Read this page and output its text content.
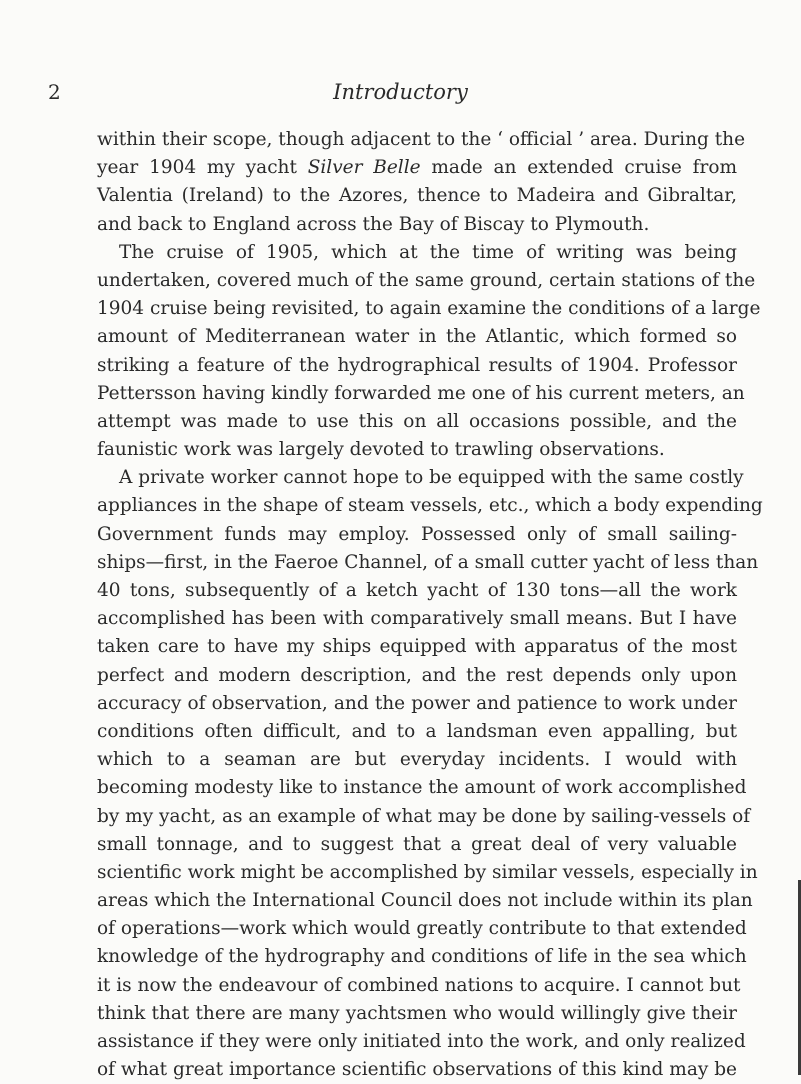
2	Introductory
within their scope, though adjacent to the ‘ official ’ area. During the
year 1904 my yacht Silver Belle made an extended cruise from
Valentia (Ireland) to the Azores, thence to Madeira and Gibraltar,
and back to England across the Bay of Biscay to Plymouth.
The cruise of 1905, which at the time of writing was being
undertaken, covered much of the same ground, certain stations of the
1904 cruise being revisited, to again examine the conditions of a large
amount of Mediterranean water in the Atlantic, which formed so
striking a feature of the hydrographical results of 1904. Professor
Pettersson having kindly forwarded me one of his current meters, an
attempt was made to use this on all occasions possible, and the
faunistic work was largely devoted to trawling observations.
A private worker cannot hope to be equipped with the same costly
appliances in the shape of steam vessels, etc., which a body expending
Government funds may employ. Possessed only of small sailing-
ships—first, in the Faeroe Channel, of a small cutter yacht of less than
40 tons, subsequently of a ketch yacht of 130 tons—all the work
accomplished has been with comparatively small means. But I have
taken care to have my ships equipped with apparatus of the most
perfect and modern description, and the rest depends only upon
accuracy of observation, and the power and patience to work under
conditions often difficult, and to a landsman even appalling, but
which to a seaman are but everyday incidents. I would with
becoming modesty like to instance the amount of work accomplished
by my yacht, as an example of what may be done by sailing-vessels of
small tonnage, and to suggest that a great deal of very valuable
scientific work might be accomplished by similar vessels, especially in
areas which the International Council does not include within its plan
of operations—work which would greatly contribute to that extended
knowledge of the hydrography and conditions of life in the sea which
it is now the endeavour of combined nations to acquire. I cannot but
think that there are many yachtsmen who would willingly give their
assistance if they were only initiated into the work, and only realized
of what great importance scientific observations of this kind may be
